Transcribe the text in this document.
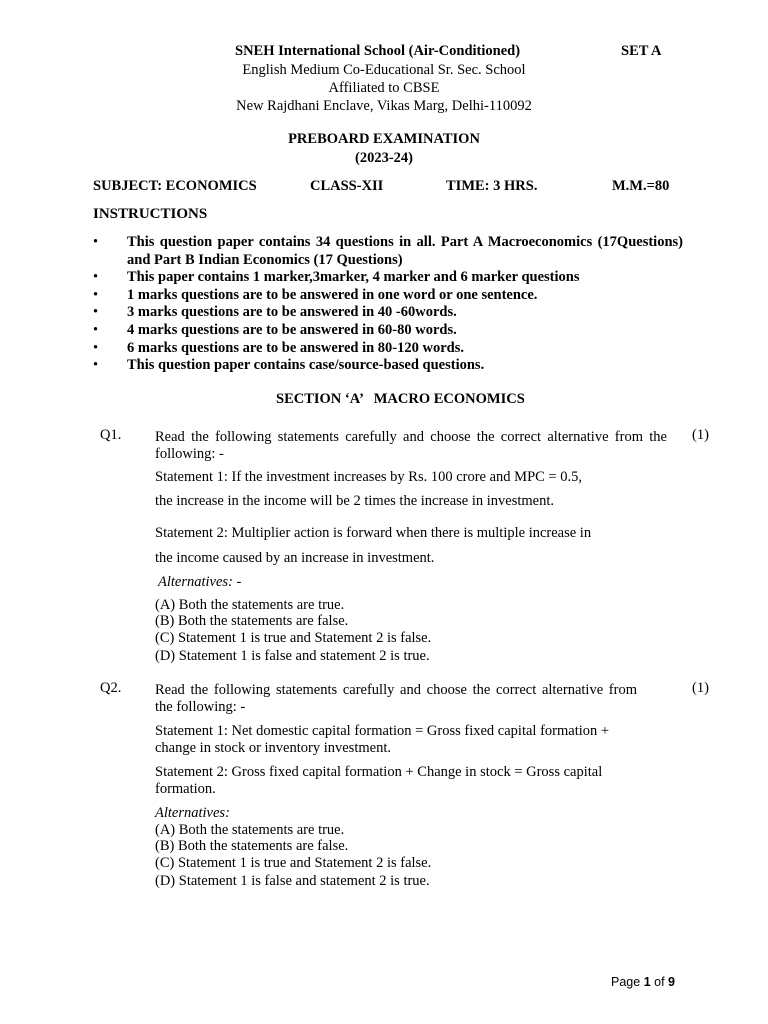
SNEH International School (Air-Conditioned)	SET A
English Medium Co-Educational Sr. Sec. School
Affiliated to CBSE
New Rajdhani Enclave, Vikas Marg, Delhi-110092
PREBOARD EXAMINATION
(2023-24)
SUBJECT: ECONOMICS	CLASS-XII	TIME: 3 HRS.	M.M.=80
INSTRUCTIONS
• This question paper contains 34 questions in all. Part A Macroeconomics (17Questions) and Part B Indian Economics (17 Questions)
• This paper contains 1 marker,3marker, 4 marker and 6 marker questions
• 1 marks questions are to be answered in one word or one sentence.
• 3 marks questions are to be answered in 40 -60words.
• 4 marks questions are to be answered in 60-80 words.
• 6 marks questions are to be answered in 80-120 words.
• This question paper contains case/source-based questions.
SECTION ‘A’   MACRO ECONOMICS
Q1.	(1)
Read the following statements carefully and choose the correct alternative from the following: -
Statement 1: If the investment increases by Rs. 100 crore and MPC = 0.5,
the increase in the income will be 2 times the increase in investment.
Statement 2: Multiplier action is forward when there is multiple increase in
the income caused by an increase in investment.
Alternatives: -
(A) Both the statements are true.
(B) Both the statements are false.
(C) Statement 1 is true and Statement 2 is false.
(D) Statement 1 is false and statement 2 is true.
Q2.	(1)
Read the following statements carefully and choose the correct alternative from the following: -
Statement 1: Net domestic capital formation = Gross fixed capital formation +
change in stock or inventory investment.
Statement 2: Gross fixed capital formation + Change in stock = Gross capital
formation.
Alternatives:
(A) Both the statements are true.
(B) Both the statements are false.
(C) Statement 1 is true and Statement 2 is false.
(D) Statement 1 is false and statement 2 is true.
Page 1 of 9
